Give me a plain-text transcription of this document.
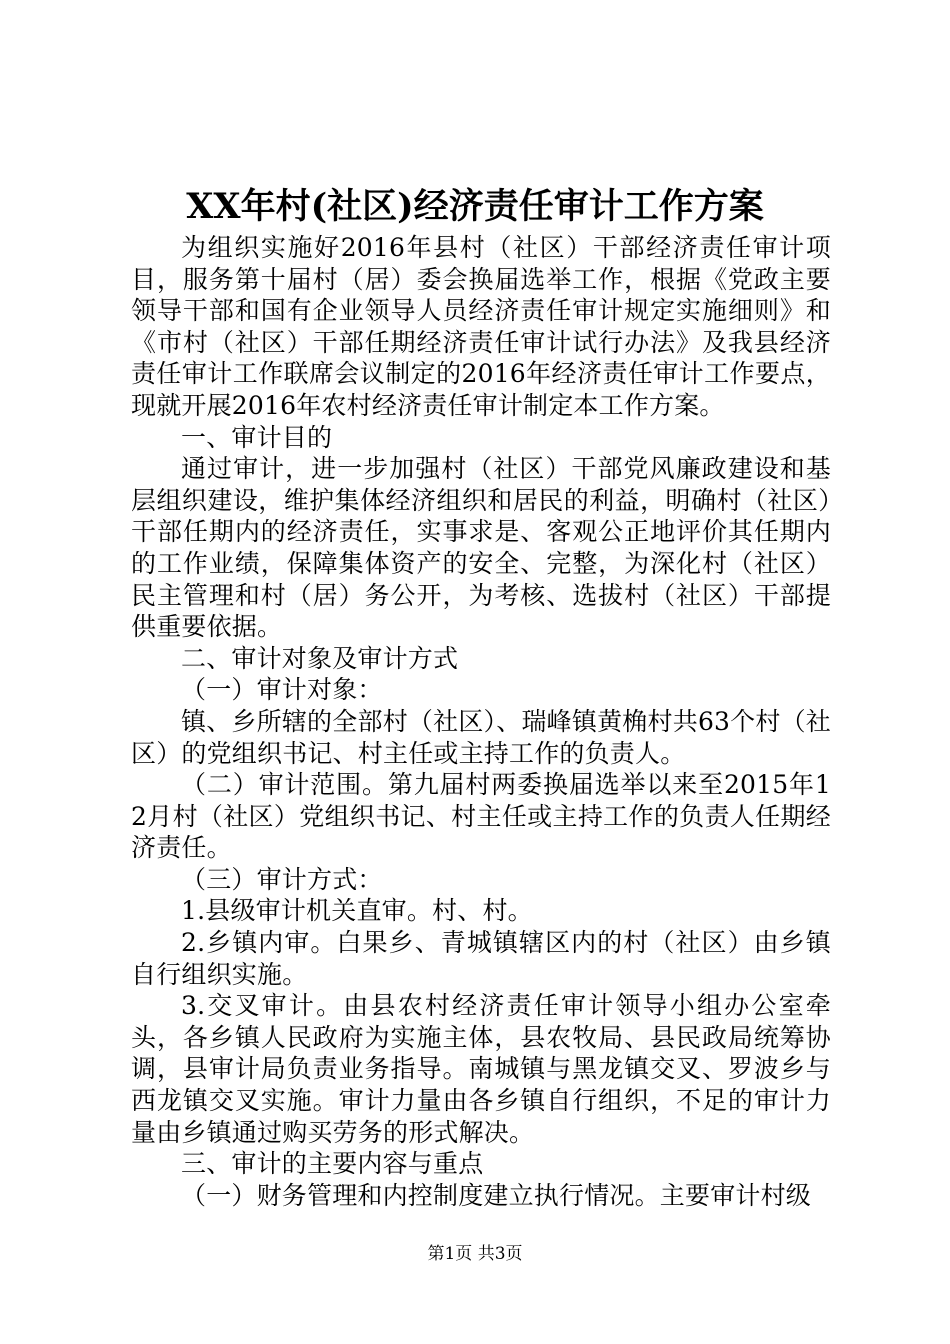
XX年村(社区)经济责任审计工作方案

为组织实施好2016年县村（社区）干部经济责任审计项目，服务第十届村（居）委会换届选举工作，根据《党政主要领导干部和国有企业领导人员经济责任审计规定实施细则》和《市村（社区）干部任期经济责任审计试行办法》及我县经济责任审计工作联席会议制定的2016年经济责任审计工作要点，现就开展2016年农村经济责任审计制定本工作方案。

一、审计目的

通过审计，进一步加强村（社区）干部党风廉政建设和基层组织建设，维护集体经济组织和居民的利益，明确村（社区）干部任期内的经济责任，实事求是、客观公正地评价其任期内的工作业绩，保障集体资产的安全、完整，为深化村（社区）民主管理和村（居）务公开，为考核、选拔村（社区）干部提供重要依据。

二、审计对象及审计方式

（一）审计对象：

镇、乡所辖的全部村（社区）、瑞峰镇黄桷村共63个村（社区）的党组织书记、村主任或主持工作的负责人。

（二）审计范围。第九届村两委换届选举以来至2015年12月村（社区）党组织书记、村主任或主持工作的负责人任期经济责任。

（三）审计方式：

1.县级审计机关直审。村、村。

2.乡镇内审。白果乡、青城镇辖区内的村（社区）由乡镇自行组织实施。

3.交叉审计。由县农村经济责任审计领导小组办公室牵头，各乡镇人民政府为实施主体，县农牧局、县民政局统筹协调，县审计局负责业务指导。南城镇与黑龙镇交叉、罗波乡与西龙镇交叉实施。审计力量由各乡镇自行组织，不足的审计力量由乡镇通过购买劳务的形式解决。

三、审计的主要内容与重点

（一）财务管理和内控制度建立执行情况。主要审计村级

第1页 共3页
